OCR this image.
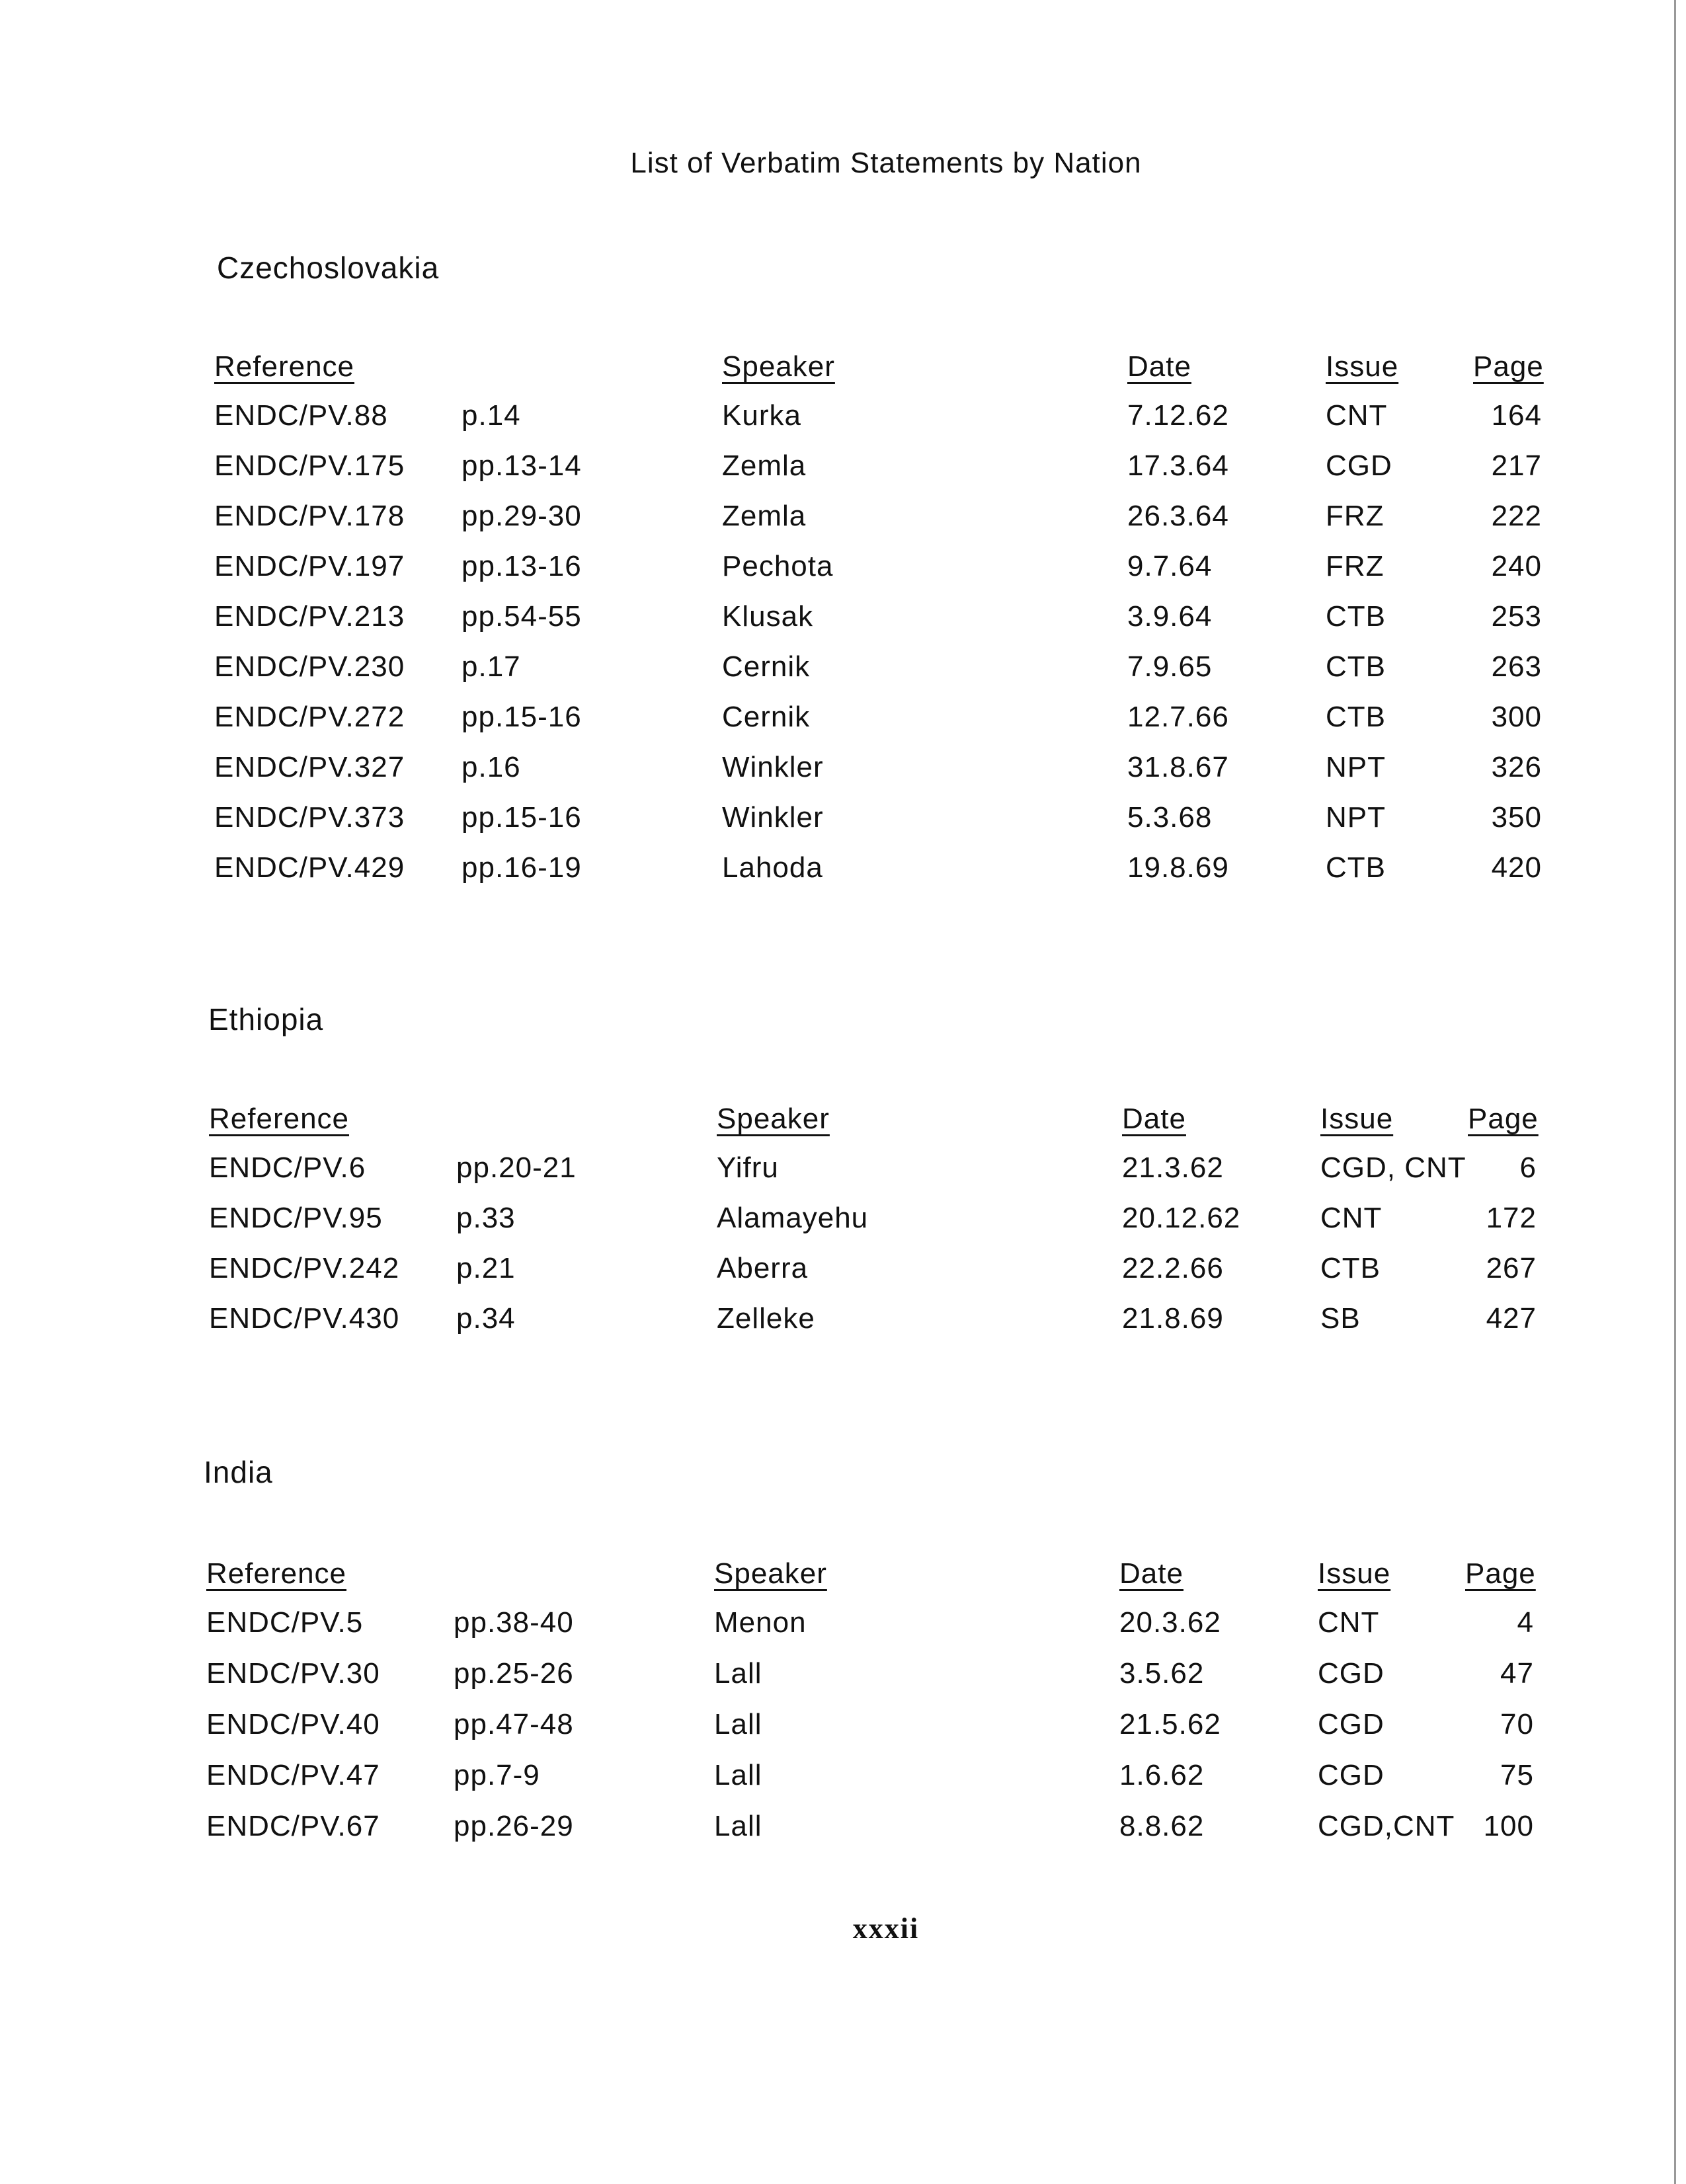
List of Verbatim Statements by Nation
Czechoslovakia
Reference	Speaker	Date	Issue	Page
ENDC/PV.88	p.14	Kurka	7.12.62	CNT	164
ENDC/PV.175 pp.13-14	Zemla	17.3.64	CGD	217
ENDC/PV.178 pp.29-30	Zemla	26.3.64	FRZ	222
ENDC/PV.197 pp.13-16	Pechota	9.7.64	FRZ	240
ENDC/PV.213 pp.54-55	Klusak	3.9.64	CTB	253
ENDC/PV.230 p.17	Cernik	7.9.65	CTB	263
ENDC/PV.272 pp.15-16	Cernik	12.7.66	CTB	300
ENDC/PV.327 p.16	Winkler	31.8.67	NPT	326
ENDC/PV.373 pp.15-16	Winkler	5.3.68	NPT	350
ENDC/PV.429 pp.16-19	Lahoda	19.8.69	CTB	420
Ethiopia
Reference	Speaker	Date	Issue	Page
ENDC/PV.6	pp.20-21	Yifru	21.3.62	CGD, CNT	6
ENDC/PV.95	p.33	Alamayehu	20.12.62	CNT	172
ENDC/PV.242 p.21	Aberra	22.2.66	CTB	267
ENDC/PV.430 p.34	Zelleke	21.8.69	SB	427
India
Reference	Speaker	Date	Issue	Page
ENDC/PV.5	pp.38-40	Menon	20.3.62	CNT	4
ENDC/PV.30	pp.25-26	Lall	3.5.62	CGD	47
ENDC/PV.40	pp.47-48	Lall	21.5.62	CGD	70
ENDC/PV.47	pp.7-9	Lall	1.6.62	CGD	75
ENDC/PV.67	pp.26-29	Lall	8.8.62	CGD,CNT 100
xxxii
